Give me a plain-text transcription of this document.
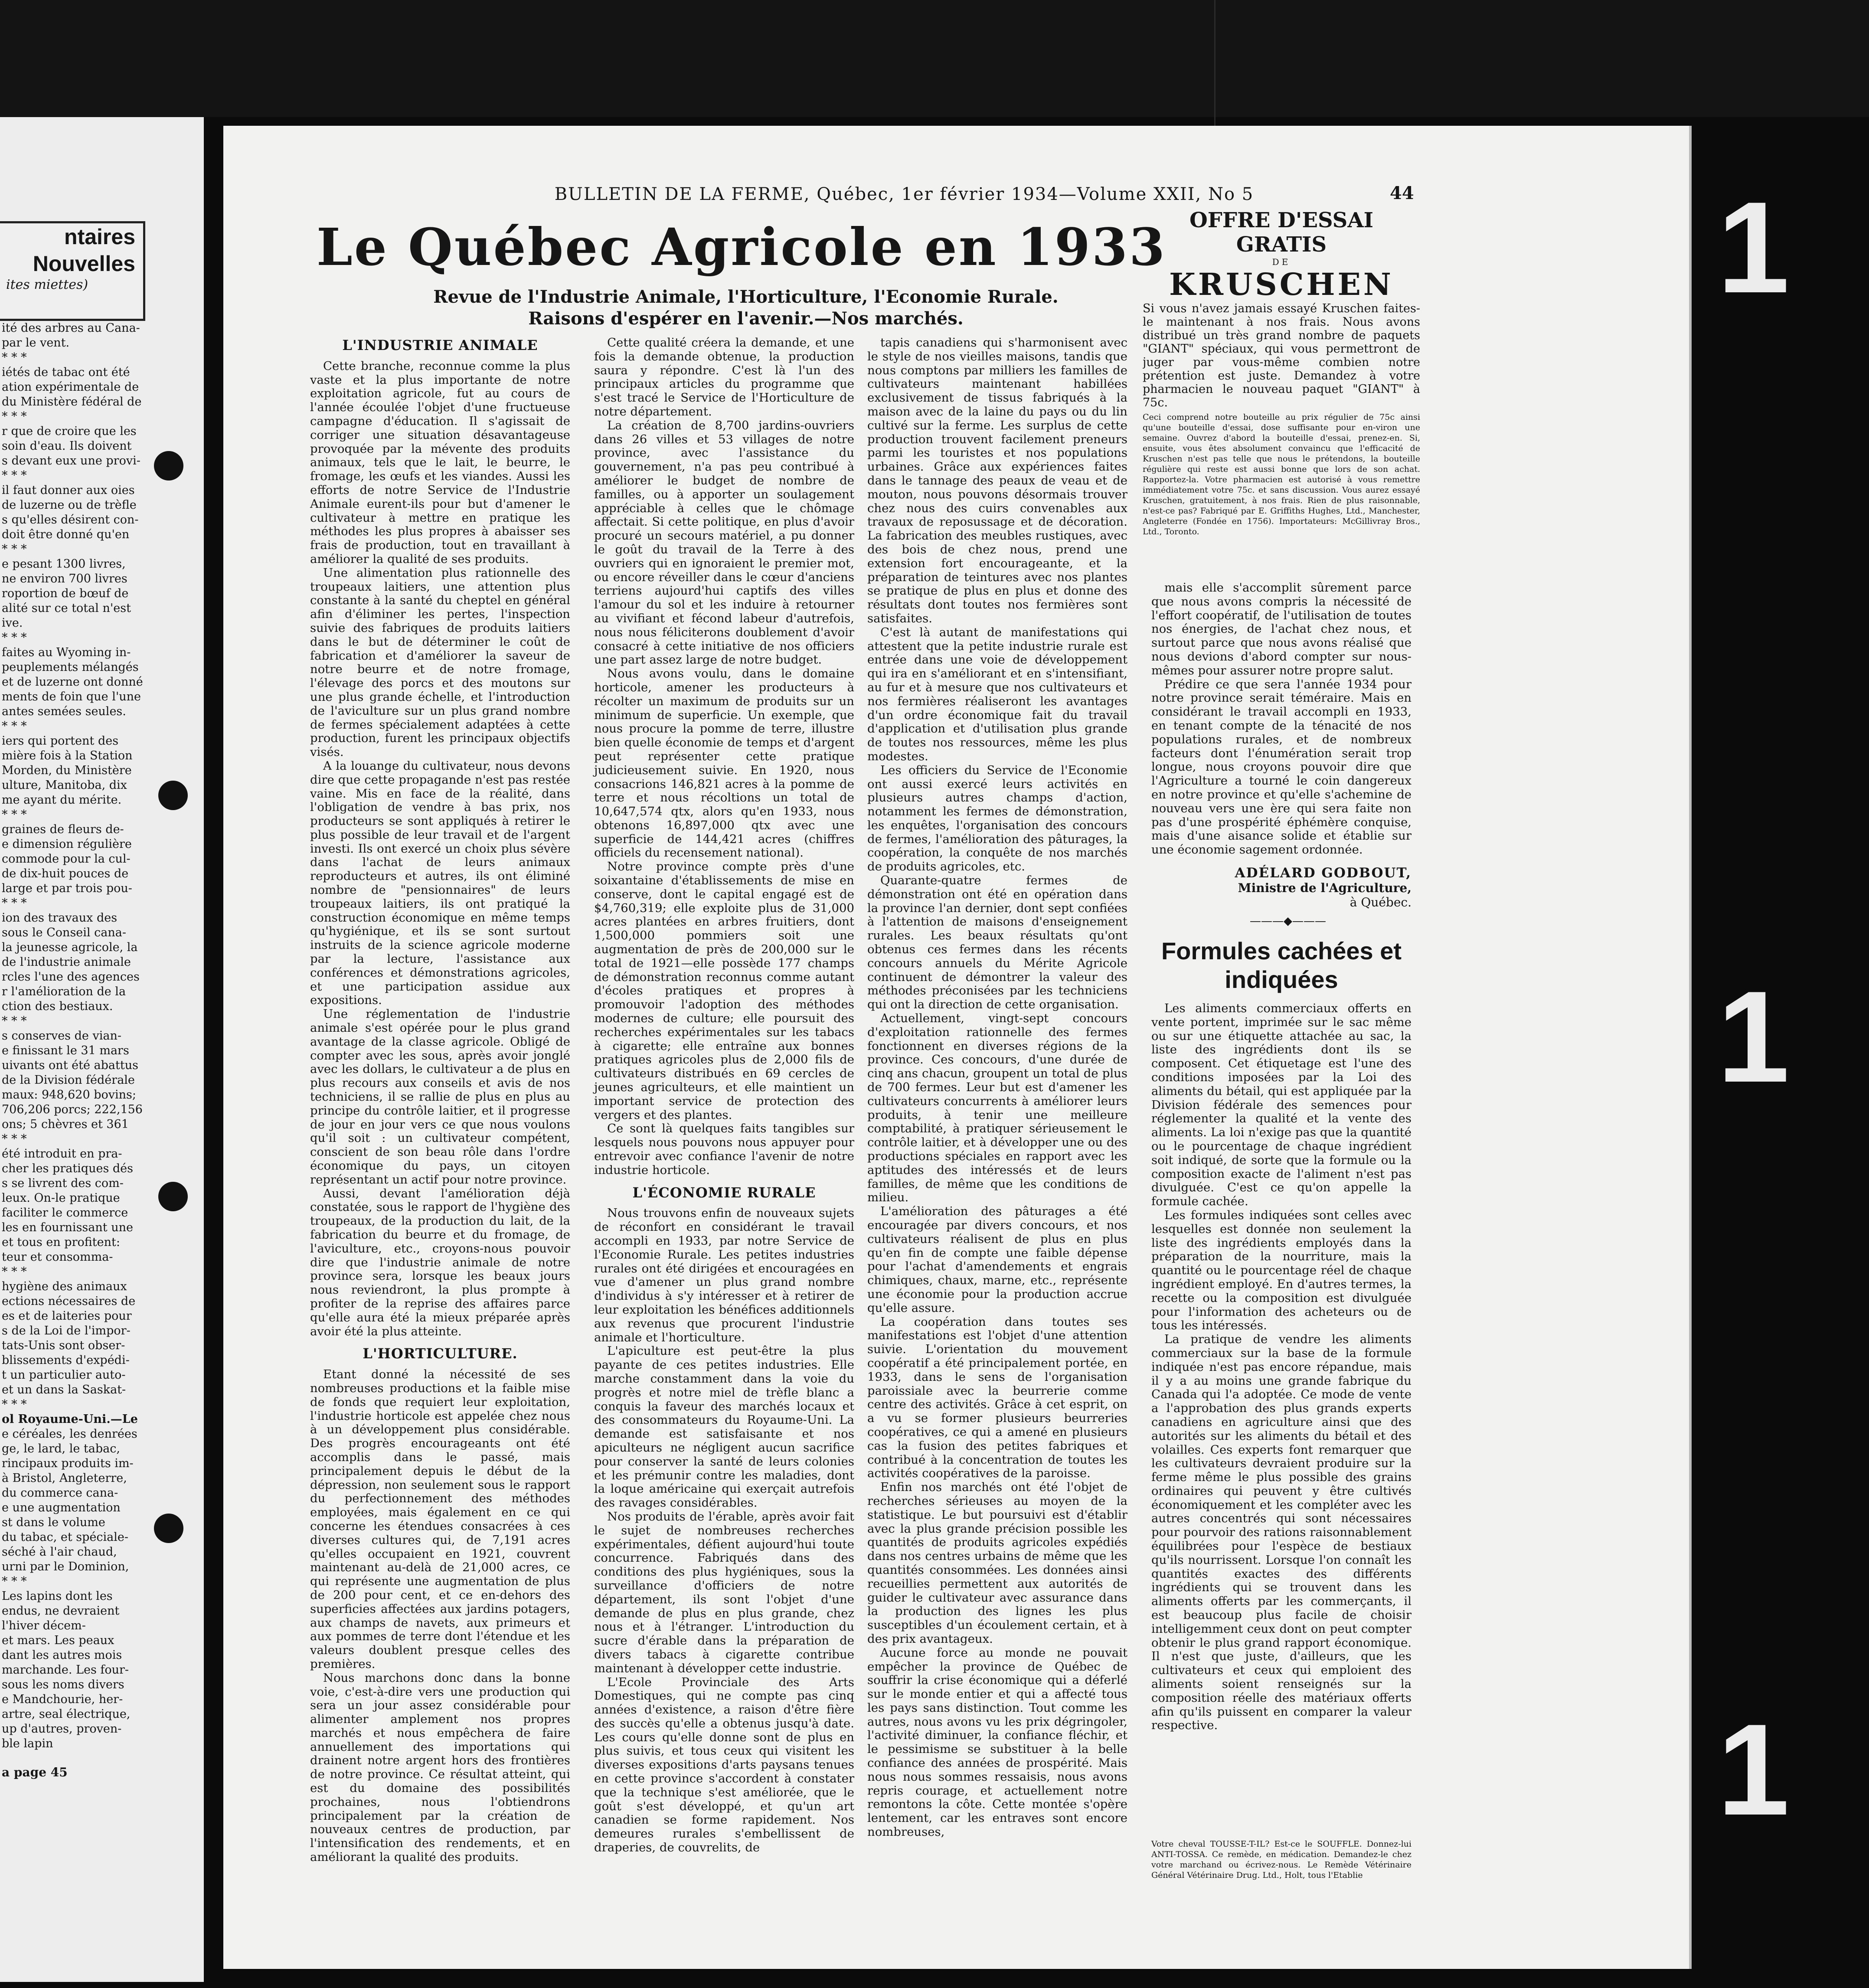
ntaires
Nouvelles
ites miettes)
ité des arbres au Cana-
par le vent.
* * *
iétés de tabac ont été
ation expérimentale de
du Ministère fédéral de
* * *
r que de croire que les
soin d'eau. Ils doivent
s devant eux une provi-
* * *
il faut donner aux oies
de luzerne ou de trèfle
s qu'elles désirent con-
doit être donné qu'en
* * *
e pesant 1300 livres,
ne environ 700 livres
roportion de bœuf de
alité sur ce total n'est
ive.
* * *
faites au Wyoming in-
peuplements mélangés
et de luzerne ont donné
ments de foin que l'une
antes semées seules.
* * *
iers qui portent des
mière fois à la Station
Morden, du Ministère
ulture, Manitoba, dix
me ayant du mérite.
* * *
graines de fleurs de-
e dimension régulière
commode pour la cul-
de dix-huit pouces de
large et par trois pou-
* * *
ion des travaux des
sous le Conseil cana-
la jeunesse agricole, la
de l'industrie animale
rcles l'une des agences
r l'amélioration de la
ction des bestiaux.
* * *
s conserves de vian-
e finissant le 31 mars
uivants ont été abattus
de la Division fédérale
maux: 948,620 bovins;
706,206 porcs; 222,156
ons; 5 chèvres et 361
* * *
été introduit en pra-
cher les pratiques dés
s se livrent des com-
leux. On-le pratique
faciliter le commerce
les en fournissant une
et tous en profitent:
teur et consomma-
* * *
hygiène des animaux
ections nécessaires de
es et de laiteries pour
s de la Loi de l'impor-
tats-Unis sont obser-
blissements d'expédi-
t un particulier auto-
et un dans la Saskat-
* * *
ol Royaume-Uni.—Le
e céréales, les denrées
ge, le lard, le tabac,
rincipaux produits im-
à Bristol, Angleterre,
du commerce cana-
e une augmentation
st dans le volume
du tabac, et spéciale-
séché à l'air chaud,
urni par le Dominion,
* * *
Les lapins dont les
endus, ne devraient
l'hiver décem-
et mars. Les peaux
dant les autres mois
marchande. Les four-
sous les noms divers
e Mandchourie, her-
artre, seal électrique,
up d'autres, proven-
ble lapin
a page 45
BULLETIN DE LA FERME, Québec, 1er février 1934—Volume XXII, No 5	44
Le Québec Agricole en 1933
Revue de l'Industrie Animale, l'Horticulture, l'Economie Rurale.
Raisons d'espérer en l'avenir.—Nos marchés.
L'INDUSTRIE ANIMALE

Cette branche, reconnue comme la plus vaste et la plus importante de notre exploitation agricole, fut au cours de l'année écoulée l'objet d'une fructueuse campagne d'éducation. Il s'agissait de corriger une situation désavantageuse provoquée par la mévente des produits animaux, tels que le lait, le beurre, le fromage, les œufs et les viandes. Aussi les efforts de notre Service de l'Industrie Animale eurent-ils pour but d'amener le cultivateur à mettre en pratique les méthodes les plus propres à abaisser ses frais de production, tout en travaillant à améliorer la qualité de ses produits.

Une alimentation plus rationnelle des troupeaux laitiers, une attention plus constante à la santé du cheptel en général afin d'éliminer les pertes, l'inspection suivie des fabriques de produits laitiers dans le but de déterminer le coût de fabrication et d'améliorer la saveur de notre beurre et de notre fromage, l'élevage des porcs et des moutons sur une plus grande échelle, et l'introduction de l'aviculture sur un plus grand nombre de fermes spécialement adaptées à cette production, furent les principaux objectifs visés.

A la louange du cultivateur, nous devons dire que cette propagande n'est pas restée vaine. Mis en face de la réalité, dans l'obligation de vendre à bas prix, nos producteurs se sont appliqués à retirer le plus possible de leur travail et de l'argent investi. Ils ont exercé un choix plus sévère dans l'achat de leurs animaux reproducteurs et autres, ils ont éliminé nombre de "pensionnaires" de leurs troupeaux laitiers, ils ont pratiqué la construction économique en même temps qu'hygiénique, et ils se sont surtout instruits de la science agricole moderne par la lecture, l'assistance aux conférences et démonstrations agricoles, et une participation assidue aux expositions.

Une réglementation de l'industrie animale s'est opérée pour le plus grand avantage de la classe agricole. Obligé de compter avec les sous, après avoir jonglé avec les dollars, le cultivateur a de plus en plus recours aux conseils et avis de nos techniciens, il se rallie de plus en plus au principe du contrôle laitier, et il progresse de jour en jour vers ce que nous voulons qu'il soit : un cultivateur compétent, conscient de son beau rôle dans l'ordre économique du pays, un citoyen représentant un actif pour notre province.

Aussi, devant l'amélioration déjà constatée, sous le rapport de l'hygiène des troupeaux, de la production du lait, de la fabrication du beurre et du fromage, de l'aviculture, etc., croyons-nous pouvoir dire que l'industrie animale de notre province sera, lorsque les beaux jours nous reviendront, la plus prompte à profiter de la reprise des affaires parce qu'elle aura été la mieux préparée après avoir été la plus atteinte.

L'HORTICULTURE.

Etant donné la nécessité de ses nombreuses productions et la faible mise de fonds que requiert leur exploitation, l'industrie horticole est appelée chez nous à un développement plus considérable. Des progrès encourageants ont été accomplis dans le passé, mais principalement depuis le début de la dépression, non seulement sous le rapport du perfectionnement des méthodes employées, mais également en ce qui concerne les étendues consacrées à ces diverses cultures qui, de 7,191 acres qu'elles occupaient en 1921, couvrent maintenant au-delà de 21,000 acres, ce qui représente une augmentation de plus de 200 pour cent, et ce en-dehors des superficies affectées aux jardins potagers, aux champs de navets, aux primeurs et aux pommes de terre dont l'étendue et les valeurs doublent presque celles des premières.

Nous marchons donc dans la bonne voie, c'est-à-dire vers une production qui sera un jour assez considérable pour alimenter amplement nos propres marchés et nous empêchera de faire annuellement des importations qui drainent notre argent hors des frontières de notre province. Ce résultat atteint, qui est du domaine des possibilités prochaines, nous l'obtiendrons principalement par la création de nouveaux centres de production, par l'intensification des rendements, et en améliorant la qualité des produits.

Cette qualité créera la demande, et une fois la demande obtenue, la production saura y répondre. C'est là l'un des principaux articles du programme que s'est tracé le Service de l'Horticulture de notre département.

La création de 8,700 jardins-ouvriers dans 26 villes et 53 villages de notre province, avec l'assistance du gouvernement, n'a pas peu contribué à améliorer le budget de nombre de familles, ou à apporter un soulagement appréciable à celles que le chômage affectait. Si cette politique, en plus d'avoir procuré un secours matériel, a pu donner le goût du travail de la Terre à des ouvriers qui en ignoraient le premier mot, ou encore réveiller dans le cœur d'anciens terriens aujourd'hui captifs des villes l'amour du sol et les induire à retourner au vivifiant et fécond labeur d'autrefois, nous nous féliciterons doublement d'avoir consacré à cette initiative de nos officiers une part assez large de notre budget.

Nous avons voulu, dans le domaine horticole, amener les producteurs à récolter un maximum de produits sur un minimum de superficie. Un exemple, que nous procure la pomme de terre, illustre bien quelle économie de temps et d'argent peut représenter cette pratique judicieusement suivie. En 1920, nous consacrions 146,821 acres à la pomme de terre et nous récoltions un total de 10,647,574 qtx, alors qu'en 1933, nous obtenons 16,897,000 qtx avec une superficie de 144,421 acres (chiffres officiels du recensement national).

Notre province compte près d'une soixantaine d'établissements de mise en conserve, dont le capital engagé est de $4,760,319; elle exploite plus de 31,000 acres plantées en arbres fruitiers, dont 1,500,000 pommiers soit une augmentation de près de 200,000 sur le total de 1921—elle possède 177 champs de démonstration reconnus comme autant d'écoles pratiques et propres à promouvoir l'adoption des méthodes modernes de culture; elle poursuit des recherches expérimentales sur les tabacs à cigarette; elle entraîne aux bonnes pratiques agricoles plus de 2,000 fils de cultivateurs distribués en 69 cercles de jeunes agriculteurs, et elle maintient un important service de protection des vergers et des plantes.

Ce sont là quelques faits tangibles sur lesquels nous pouvons nous appuyer pour entrevoir avec confiance l'avenir de notre industrie horticole.

L'ÉCONOMIE RURALE

Nous trouvons enfin de nouveaux sujets de réconfort en considérant le travail accompli en 1933, par notre Service de l'Economie Rurale. Les petites industries rurales ont été dirigées et encouragées en vue d'amener un plus grand nombre d'individus à s'y intéresser et à retirer de leur exploitation les bénéfices additionnels aux revenus que procurent l'industrie animale et l'horticulture.

L'apiculture est peut-être la plus payante de ces petites industries. Elle marche constamment dans la voie du progrès et notre miel de trèfle blanc a conquis la faveur des marchés locaux et des consommateurs du Royaume-Uni. La demande est satisfaisante et nos apiculteurs ne négligent aucun sacrifice pour conserver la santé de leurs colonies et les prémunir contre les maladies, dont la loque américaine qui exerçait autrefois des ravages considérables.

Nos produits de l'érable, après avoir fait le sujet de nombreuses recherches expérimentales, défient aujourd'hui toute concurrence. Fabriqués dans des conditions des plus hygiéniques, sous la surveillance d'officiers de notre département, ils sont l'objet d'une demande de plus en plus grande, chez nous et à l'étranger. L'introduction du sucre d'érable dans la préparation de divers tabacs à cigarette contribue maintenant à développer cette industrie.

L'Ecole Provinciale des Arts Domestiques, qui ne compte pas cinq années d'existence, a raison d'être fière des succès qu'elle a obtenus jusqu'à date. Les cours qu'elle donne sont de plus en plus suivis, et tous ceux qui visitent les diverses expositions d'arts paysans tenues en cette province s'accordent à constater que la technique s'est améliorée, que le goût s'est développé, et qu'un art canadien se forme rapidement. Nos demeures rurales s'embellissent de draperies, de couvrelits, de

tapis canadiens qui s'harmonisent avec le style de nos vieilles maisons, tandis que nous comptons par milliers les familles de cultivateurs maintenant habillées exclusivement de tissus fabriqués à la maison avec de la laine du pays ou du lin cultivé sur la ferme. Les surplus de cette production trouvent facilement preneurs parmi les touristes et nos populations urbaines. Grâce aux expériences faites dans le tannage des peaux de veau et de mouton, nous pouvons désormais trouver chez nous des cuirs convenables aux travaux de reposussage et de décoration. La fabrication des meubles rustiques, avec des bois de chez nous, prend une extension fort encourageante, et la préparation de teintures avec nos plantes se pratique de plus en plus et donne des résultats dont toutes nos fermières sont satisfaites.

C'est là autant de manifestations qui attestent que la petite industrie rurale est entrée dans une voie de développement qui ira en s'améliorant et en s'intensifiant, au fur et à mesure que nos cultivateurs et nos fermières réaliseront les avantages d'un ordre économique fait du travail d'application et d'utilisation plus grande de toutes nos ressources, même les plus modestes.

Les officiers du Service de l'Economie ont aussi exercé leurs activités en plusieurs autres champs d'action, notamment les fermes de démonstration, les enquêtes, l'organisation des concours de fermes, l'amélioration des pâturages, la coopération, la conquête de nos marchés de produits agricoles, etc.

Quarante-quatre fermes de démonstration ont été en opération dans la province l'an dernier, dont sept confiées à l'attention de maisons d'enseignement rurales. Les beaux résultats qu'ont obtenus ces fermes dans les récents concours annuels du Mérite Agricole continuent de démontrer la valeur des méthodes préconisées par les techniciens qui ont la direction de cette organisation.

Actuellement, vingt-sept concours d'exploitation rationnelle des fermes fonctionnent en diverses régions de la province. Ces concours, d'une durée de cinq ans chacun, groupent un total de plus de 700 fermes. Leur but est d'amener les cultivateurs concurrents à améliorer leurs produits, à tenir une meilleure comptabilité, à pratiquer sérieusement le contrôle laitier, et à développer une ou des productions spéciales en rapport avec les aptitudes des intéressés et de leurs familles, de même que les conditions de milieu.

L'amélioration des pâturages a été encouragée par divers concours, et nos cultivateurs réalisent de plus en plus qu'en fin de compte une faible dépense pour l'achat d'amendements et engrais chimiques, chaux, marne, etc., représente une économie pour la production accrue qu'elle assure.

La coopération dans toutes ses manifestations est l'objet d'une attention suivie. L'orientation du mouvement coopératif a été principalement portée, en 1933, dans le sens de l'organisation paroissiale avec la beurrerie comme centre des activités. Grâce à cet esprit, on a vu se former plusieurs beurreries coopératives, ce qui a amené en plusieurs cas la fusion des petites fabriques et contribué à la concentration de toutes les activités coopératives de la paroisse.

Enfin nos marchés ont été l'objet de recherches sérieuses au moyen de la statistique. Le but poursuivi est d'établir avec la plus grande précision possible les quantités de produits agricoles expédiés dans nos centres urbains de même que les quantités consommées. Les données ainsi recueillies permettent aux autorités de guider le cultivateur avec assurance dans la production des lignes les plus susceptibles d'un écoulement certain, et à des prix avantageux.

Aucune force au monde ne pouvait empêcher la province de Québec de souffrir la crise économique qui a déferlé sur le monde entier et qui a affecté tous les pays sans distinction. Tout comme les autres, nous avons vu les prix dégringoler, l'activité diminuer, la confiance fléchir, et le pessimisme se substituer à la belle confiance des années de prospérité. Mais nous nous sommes ressaisis, nous avons repris courage, et actuellement notre remontons la côte. Cette montée s'opère lentement, car les entraves sont encore nombreuses,

OFFRE D'ESSAI GRATIS
DE
KRUSCHEN

Si vous n'avez jamais essayé Kruschen faites-le maintenant à nos frais. Nous avons distribué un très grand nombre de paquets "GIANT" spéciaux, qui vous permettront de juger par vous-même combien notre prétention est juste. Demandez à votre pharmacien le nouveau paquet "GIANT" à 75c.

Ceci comprend notre bouteille au prix régulier de 75c ainsi qu'une bouteille d'essai, dose suffisante pour en-viron une semaine. Ouvrez d'abord la bouteille d'essai, prenez-en. Si, ensuite, vous êtes absolument convaincu que l'efficacité de Kruschen n'est pas telle que nous le prétendons, la bouteille régulière qui reste est aussi bonne que lors de son achat. Rapportez-la. Votre pharmacien est autorisé à vous remettre immédiatement votre 75c. et sans discussion. Vous aurez essayé Kruschen, gratuitement, à nos frais. Rien de plus raisonnable, n'est-ce pas? Fabriqué par E. Griffiths Hughes, Ltd., Manchester, Angleterre (Fondée en 1756). Importateurs: McGillivray Bros., Ltd., Toronto.

mais elle s'accomplit sûrement parce que nous avons compris la nécessité de l'effort coopératif, de l'utilisation de toutes nos énergies, de l'achat chez nous, et surtout parce que nous avons réalisé que nous devions d'abord compter sur nous-mêmes pour assurer notre propre salut.

Prédire ce que sera l'année 1934 pour notre province serait téméraire. Mais en considérant le travail accompli en 1933, en tenant compte de la ténacité de nos populations rurales, et de nombreux facteurs dont l'énumération serait trop longue, nous croyons pouvoir dire que l'Agriculture a tourné le coin dangereux en notre province et qu'elle s'achemine de nouveau vers une ère qui sera faite non pas d'une prospérité éphémère conquise, mais d'une aisance solide et établie sur une économie sagement ordonnée.

ADÉLARD GODBOUT,
Ministre de l'Agriculture,
à Québec.
———◆———
Formules cachées et indiquées

Les aliments commerciaux offerts en vente portent, imprimée sur le sac même ou sur une étiquette attachée au sac, la liste des ingrédients dont ils se composent. Cet étiquetage est l'une des conditions imposées par la Loi des aliments du bétail, qui est appliquée par la Division fédérale des semences pour réglementer la qualité et la vente des aliments. La loi n'exige pas que la quantité ou le pourcentage de chaque ingrédient soit indiqué, de sorte que la formule ou la composition exacte de l'aliment n'est pas divulguée. C'est ce qu'on appelle la formule cachée.

Les formules indiquées sont celles avec lesquelles est donnée non seulement la liste des ingrédients employés dans la préparation de la nourriture, mais la quantité ou le pourcentage réel de chaque ingrédient employé. En d'autres termes, la recette ou la composition est divulguée pour l'information des acheteurs ou de tous les intéressés.

La pratique de vendre les aliments commerciaux sur la base de la formule indiquée n'est pas encore répandue, mais il y a au moins une grande fabrique du Canada qui l'a adoptée. Ce mode de vente a l'approbation des plus grands experts canadiens en agriculture ainsi que des autorités sur les aliments du bétail et des volailles. Ces experts font remarquer que les cultivateurs devraient produire sur la ferme même le plus possible des grains ordinaires qui peuvent y être cultivés économiquement et les compléter avec les autres concentrés qui sont nécessaires pour pourvoir des rations raisonnablement équilibrées pour l'espèce de bestiaux qu'ils nourrissent. Lorsque l'on connaît les quantités exactes des différents ingrédients qui se trouvent dans les aliments offerts par les commerçants, il est beaucoup plus facile de choisir intelligemment ceux dont on peut compter obtenir le plus grand rapport économique. Il n'est que juste, d'ailleurs, que les cultivateurs et ceux qui emploient des aliments soient renseignés sur la composition réelle des matériaux offerts afin qu'ils puissent en comparer la valeur respective.

Votre cheval TOUSSE-T-IL? Est-ce le SOUFFLE. Donnez-lui ANTI-TOSSA. Ce remède, en médication. Demandez-le chez votre marchand ou écrivez-nous. Le Remède Vétérinaire Général Vétérinaire Drug. Ltd., Holt, tous l'Etablie
1
1
1
